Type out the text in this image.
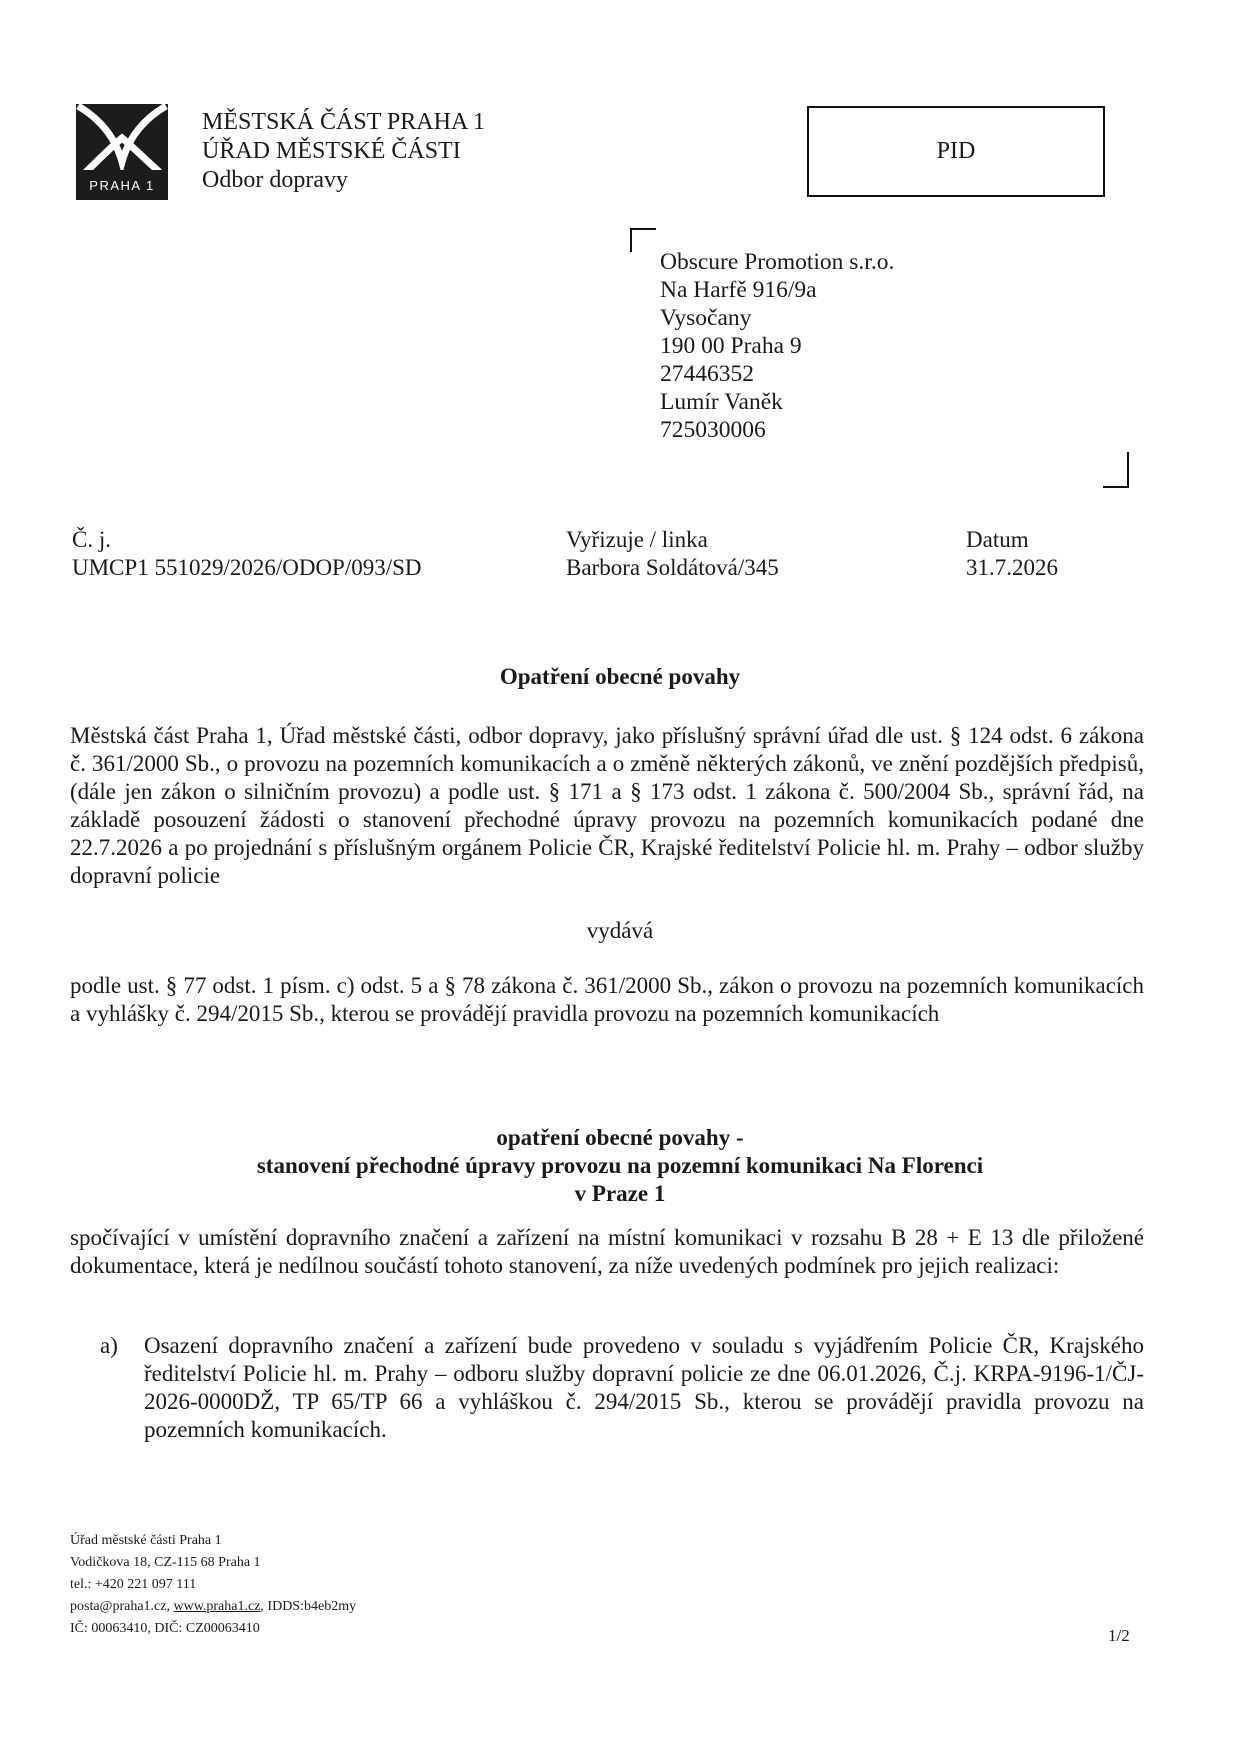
PRAHA 1
MĚSTSKÁ ČÁST PRAHA 1
ÚŘAD MĚSTSKÉ ČÁSTI
Odbor dopravy
PID
Obscure Promotion s.r.o.
Na Harfě 916/9a
Vysočany
190 00 Praha 9
27446352
Lumír Vaněk
725030006
Č. j.
UMCP1 551029/2026/ODOP/093/SD
Vyřizuje / linka
Barbora Soldátová/345
Datum
31.7.2026
Opatření obecné povahy
Městská část Praha 1, Úřad městské části, odbor dopravy, jako příslušný správní úřad dle ust. § 124 odst. 6 zákona č. 361/2000 Sb., o provozu na pozemních komunikacích a o změně některých zákonů, ve znění pozdějších předpisů, (dále jen zákon o silničním provozu) a podle ust. § 171 a § 173 odst. 1 zákona č. 500/2004 Sb., správní řád, na základě posouzení žádosti o stanovení přechodné úpravy provozu na pozemních komunikacích podané dne 22.7.2026 a po projednání s příslušným orgánem Policie ČR, Krajské ředitelství Policie hl. m. Prahy – odbor služby dopravní policie
vydává
podle ust. § 77 odst. 1 písm. c) odst. 5 a § 78 zákona č. 361/2000 Sb., zákon o provozu na pozemních komunikacích a vyhlášky č. 294/2015 Sb., kterou se provádějí pravidla provozu na pozemních komunikacích
opatření obecné povahy -
stanovení přechodné úpravy provozu na pozemní komunikaci Na Florenci
v Praze 1
spočívající v umístění dopravního značení a zařízení na místní komunikaci v rozsahu B 28 + E 13 dle přiložené dokumentace, která je nedílnou součástí tohoto stanovení, za níže uvedených podmínek pro jejich realizaci:
a) Osazení dopravního značení a zařízení bude provedeno v souladu s vyjádřením Policie ČR, Krajského ředitelství Policie hl. m. Prahy – odboru služby dopravní policie ze dne 06.01.2026, Č.j. KRPA-9196-1/ČJ-2026-0000DŽ, TP 65/TP 66 a vyhláškou č. 294/2015 Sb., kterou se provádějí pravidla provozu na pozemních komunikacích.
Úřad městské části Praha 1
Vodičkova 18, CZ-115 68 Praha 1
tel.: +420 221 097 111
posta@praha1.cz, www.praha1.cz, IDDS:b4eb2my
IČ: 00063410, DIČ: CZ00063410	1/2
